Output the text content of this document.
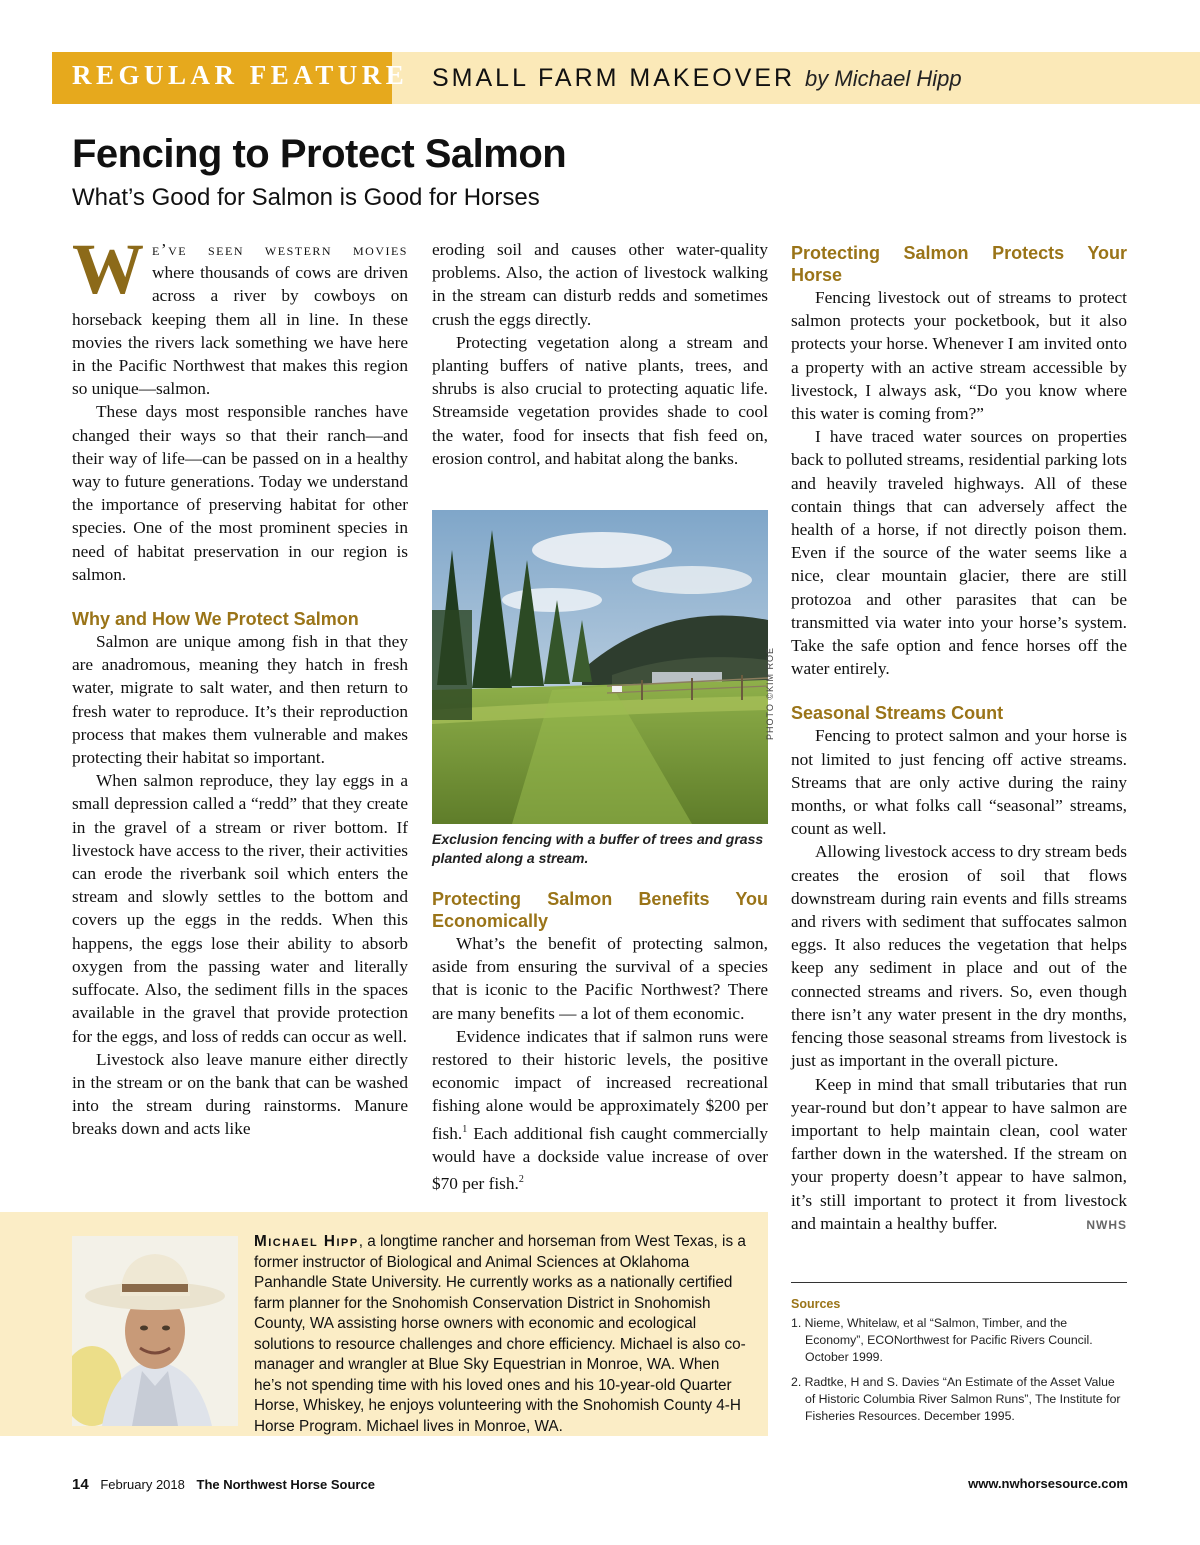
REGULAR FEATURE SMALL FARM MAKEOVER by Michael Hipp
Fencing to Protect Salmon
What’s Good for Salmon is Good for Horses

We’ve seen western movies where thousands of cows are driven across a river by cowboys on horseback keeping them all in line. In these movies the rivers lack something we have here in the Pacific Northwest that makes this region so unique—salmon.

These days most responsible ranches have changed their ways so that their ranch—and their way of life—can be passed on in a healthy way to future generations. Today we understand the importance of preserving habitat for other species. One of the most prominent species in need of habitat preservation in our region is salmon.

Why and How We Protect Salmon

Salmon are unique among fish in that they are anadromous, meaning they hatch in fresh water, migrate to salt water, and then return to fresh water to reproduce. It’s their reproduction process that makes them vulnerable and makes protecting their habitat so important.

When salmon reproduce, they lay eggs in a small depression called a “redd” that they create in the gravel of a stream or river bottom. If livestock have access to the river, their activities can erode the riverbank soil which enters the stream and slowly settles to the bottom and covers up the eggs in the redds. When this happens, the eggs lose their ability to absorb oxygen from the passing water and literally suffocate. Also, the sediment fills in the spaces available in the gravel that provide protection for the eggs, and loss of redds can occur as well.

Livestock also leave manure either directly in the stream or on the bank that can be washed into the stream during rainstorms. Manure breaks down and acts like

eroding soil and causes other water-quality problems. Also, the action of livestock walking in the stream can disturb redds and sometimes crush the eggs directly.

Protecting vegetation along a stream and planting buffers of native plants, trees, and shrubs is also crucial to protecting aquatic life. Streamside vegetation provides shade to cool the water, food for insects that fish feed on, erosion control, and habitat along the banks.

PHOTO ©KIM ROE
Exclusion fencing with a buffer of trees and grass planted along a stream.
Protecting Salmon Benefits You Economically

What’s the benefit of protecting salmon, aside from ensuring the survival of a species that is iconic to the Pacific Northwest? There are many benefits — a lot of them economic.

Evidence indicates that if salmon runs were restored to their historic levels, the positive economic impact of increased recreational fishing alone would be approximately $200 per fish.$^1$ Each additional fish caught commercially would have a dockside value increase of over $70 per fish.$^2$

Protecting Salmon Protects Your Horse

Fencing livestock out of streams to protect salmon protects your pocketbook, but it also protects your horse. Whenever I am invited onto a property with an active stream accessible by livestock, I always ask, “Do you know where this water is coming from?”

I have traced water sources on properties back to polluted streams, residential parking lots and heavily traveled highways. All of these contain things that can adversely affect the health of a horse, if not directly poison them. Even if the source of the water seems like a nice, clear mountain glacier, there are still protozoa and other parasites that can be transmitted via water into your horse’s system. Take the safe option and fence horses off the water entirely.

Seasonal Streams Count

Fencing to protect salmon and your horse is not limited to just fencing off active streams. Streams that are only active during the rainy months, or what folks call “seasonal” streams, count as well.

Allowing livestock access to dry stream beds creates the erosion of soil that flows downstream during rain events and fills streams and rivers with sediment that suffocates salmon eggs. It also reduces the vegetation that helps keep any sediment in place and out of the connected streams and rivers. So, even though there isn’t any water present in the dry months, fencing those seasonal streams from livestock is just as important in the overall picture.

Keep in mind that small tributaries that run year-round but don’t appear to have salmon are important to help maintain clean, cool water farther down in the watershed. If the stream on your property doesn’t appear to have salmon, it’s still important to protect it from livestock and maintain a healthy buffer.	NWHS

Sources
1. Nieme, Whitelaw, et al “Salmon, Timber, and the Economy”, ECONorthwest for Pacific Rivers Council. October 1999.
2. Radtke, H and S. Davies “An Estimate of the Asset Value of Historic Columbia River Salmon Runs”, The Institute for Fisheries Resources. December 1995.
Michael Hipp, a longtime rancher and horseman from West Texas, is a former instructor of Biological and Animal Sciences at Oklahoma Panhandle State University. He currently works as a nationally certified farm planner for the Snohomish Conservation District in Snohomish County, WA assisting horse owners with economic and ecological solutions to resource challenges and chore efficiency. Michael is also co-manager and wrangler at Blue Sky Equestrian in Monroe, WA. When he’s not spending time with his loved ones and his 10-year-old Quarter Horse, Whiskey, he enjoys volunteering with the Snohomish County 4-H Horse Program. Michael lives in Monroe, WA.
14 February 2018 The Northwest Horse Source	www.nwhorsesource.com
